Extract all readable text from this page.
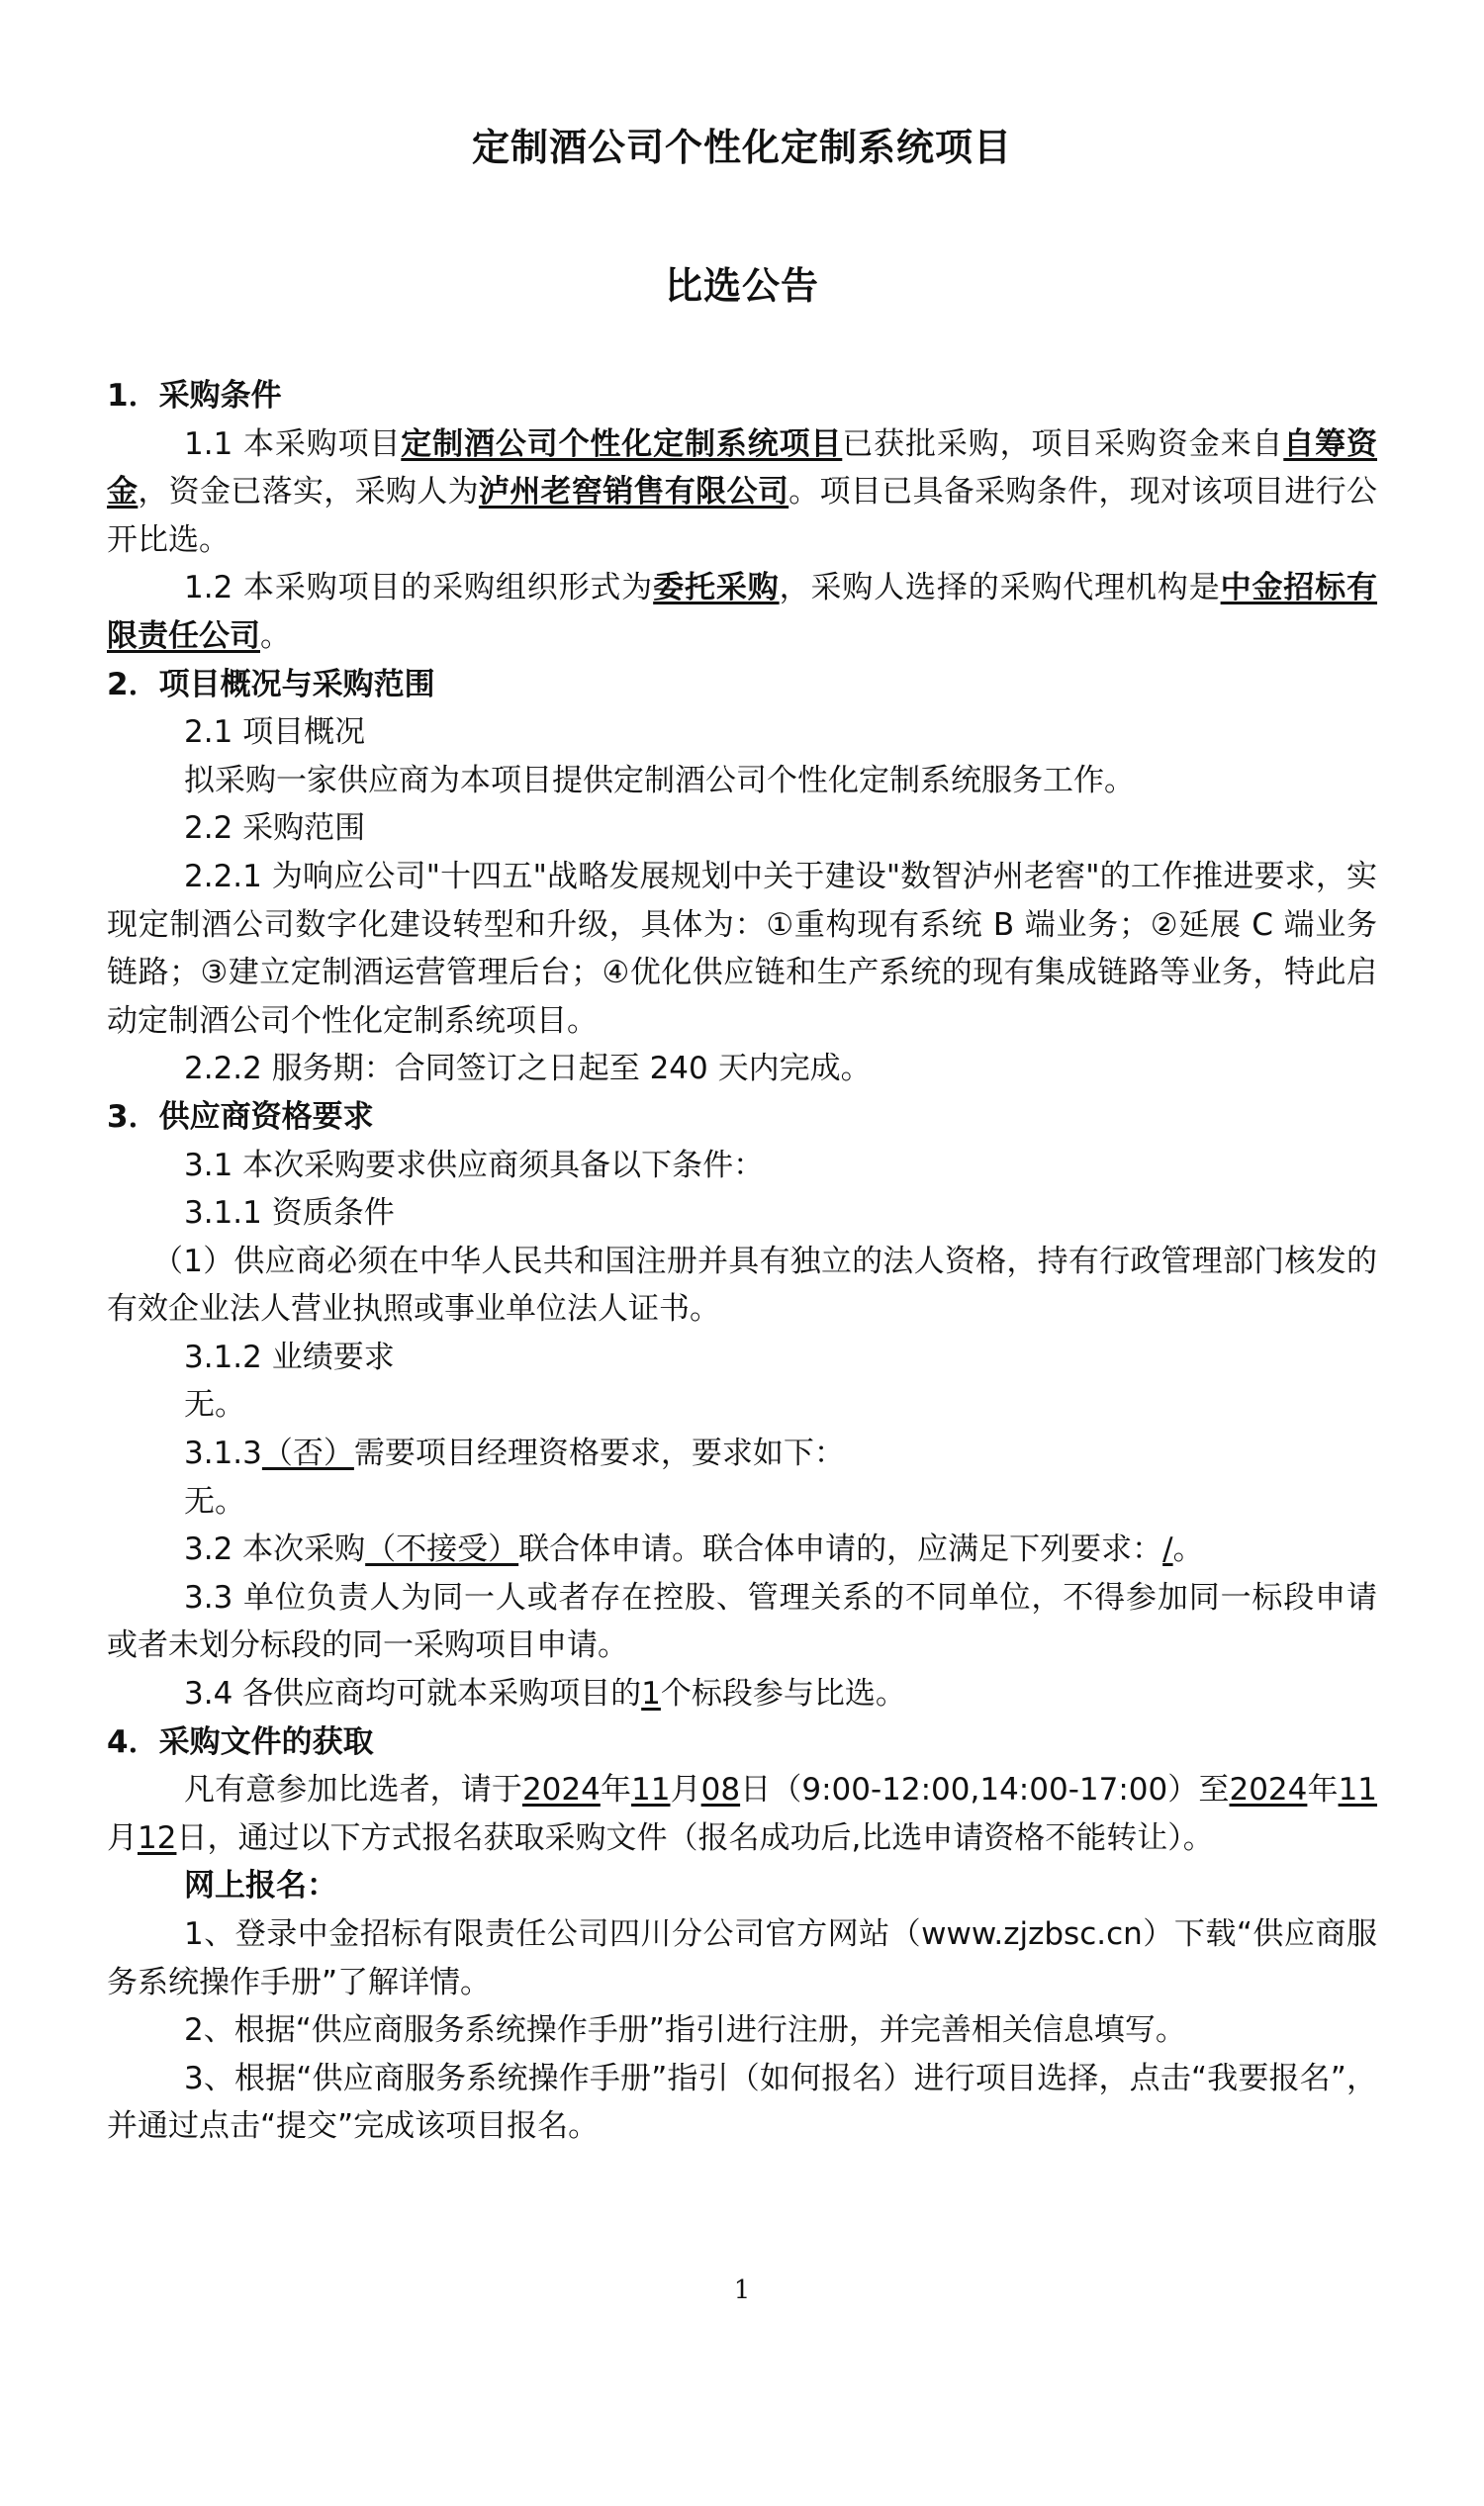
定制酒公司个性化定制系统项目
比选公告

1．采购条件

1.1 本采购项目定制酒公司个性化定制系统项目已获批采购，项目采购资金来自自筹资金，资金已落实，采购人为泸州老窖销售有限公司。项目已具备采购条件，现对该项目进行公开比选。

1.2 本采购项目的采购组织形式为委托采购，采购人选择的采购代理机构是中金招标有限责任公司。

2．项目概况与采购范围

2.1 项目概况

拟采购一家供应商为本项目提供定制酒公司个性化定制系统服务工作。

2.2 采购范围

2.2.1 为响应公司"十四五"战略发展规划中关于建设"数智泸州老窖"的工作推进要求，实现定制酒公司数字化建设转型和升级，具体为：①重构现有系统 B 端业务；②延展 C 端业务链路；③建立定制酒运营管理后台；④优化供应链和生产系统的现有集成链路等业务，特此启动定制酒公司个性化定制系统项目。

2.2.2 服务期：合同签订之日起至 240 天内完成。

3．供应商资格要求

3.1 本次采购要求供应商须具备以下条件：

3.1.1 资质条件

（1）供应商必须在中华人民共和国注册并具有独立的法人资格，持有行政管理部门核发的有效企业法人营业执照或事业单位法人证书。

3.1.2 业绩要求

无。

3.1.3（否）需要项目经理资格要求，要求如下：

无。

3.2 本次采购（不接受）联合体申请。联合体申请的，应满足下列要求：/。

3.3 单位负责人为同一人或者存在控股、管理关系的不同单位，不得参加同一标段申请或者未划分标段的同一采购项目申请。

3.4 各供应商均可就本采购项目的1个标段参与比选。

4．采购文件的获取

凡有意参加比选者，请于2024年11月08日（9:00-12:00,14:00-17:00）至2024年11月12日，通过以下方式报名获取采购文件（报名成功后,比选申请资格不能转让）。

网上报名：

1、登录中金招标有限责任公司四川分公司官方网站（www.zjzbsc.cn）下载“供应商服务系统操作手册”了解详情。

2、根据“供应商服务系统操作手册”指引进行注册，并完善相关信息填写。

3、根据“供应商服务系统操作手册”指引（如何报名）进行项目选择，点击“我要报名”，并通过点击“提交”完成该项目报名。

1
